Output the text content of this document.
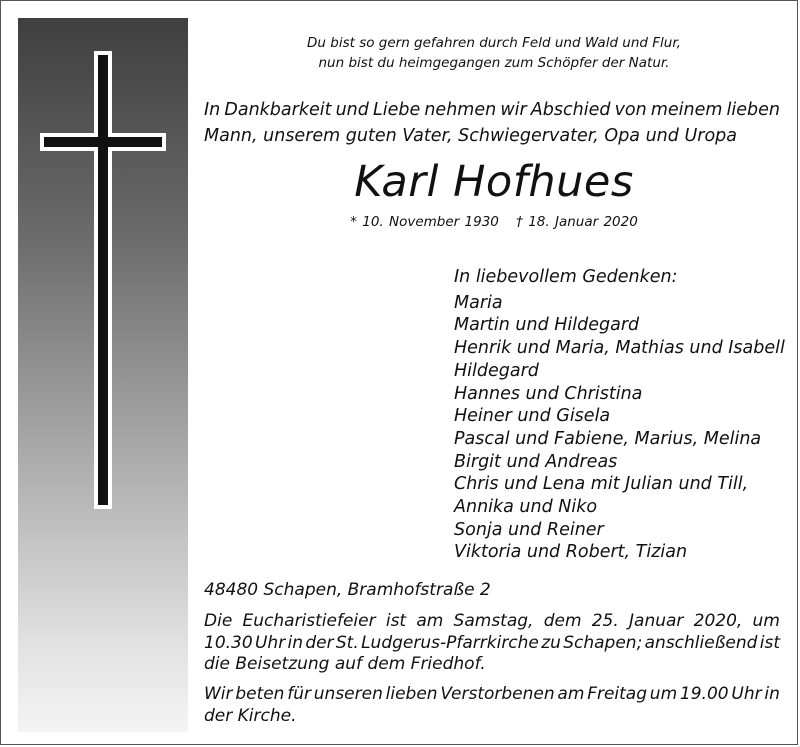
Du bist so gern gefahren durch Feld und Wald und Flur,
nun bist du heimgegangen zum Schöpfer der Natur.
In Dankbarkeit und Liebe nehmen wir Abschied von meinem lieben
Mann, unserem guten Vater, Schwiegervater, Opa und Uropa
Karl Hofhues
* 10. November 1930 † 18. Januar 2020
In liebevollem Gedenken:
Maria
Martin und Hildegard
Henrik und Maria, Mathias und Isabell
Hildegard
Hannes und Christina
Heiner und Gisela
Pascal und Fabiene, Marius, Melina
Birgit und Andreas
Chris und Lena mit Julian und Till,
Annika und Niko
Sonja und Reiner
Viktoria und Robert, Tizian
48480 Schapen, Bramhofstraße 2
Die Eucharistiefeier ist am Samstag, dem 25. Januar 2020, um
10.30 Uhr in der St. Ludgerus-Pfarrkirche zu Schapen; anschließend ist
die Beisetzung auf dem Friedhof.
Wir beten für unseren lieben Verstorbenen am Freitag um 19.00 Uhr in
der Kirche.
